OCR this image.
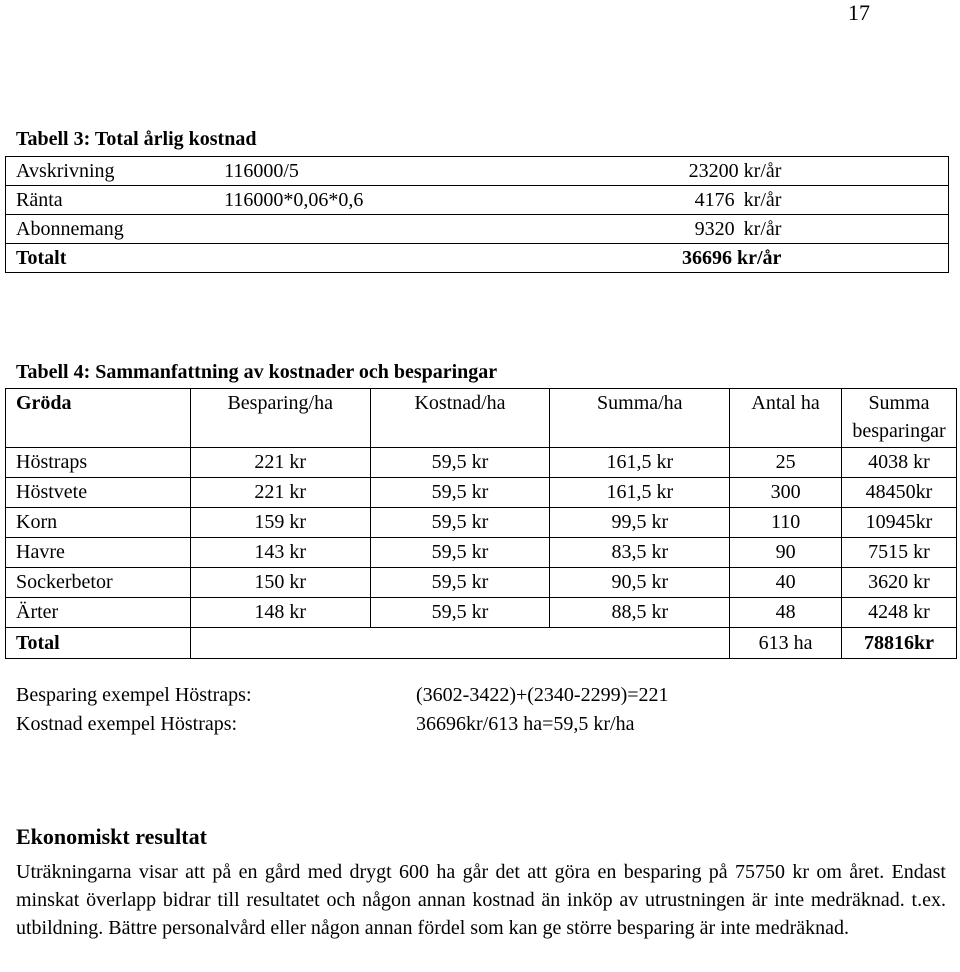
17
Tabell 3: Total årlig kostnad
Avskrivning	116000/5	23200 kr/år	
Ränta	116000*0,06*0,6	4176 kr/år	
Abonnemang		9320 kr/år	
Totalt		36696 kr/år	
Tabell 4: Sammanfattning av kostnader och besparingar
Gröda	Besparing/ha	Kostnad/ha	Summa/ha	Antal ha	Summa besparingar
Höstraps	221 kr	59,5 kr	161,5 kr	25	4038 kr
Höstvete	221 kr	59,5 kr	161,5 kr	300	48450kr
Korn	159 kr	59,5 kr	99,5 kr	110	10945kr
Havre	143 kr	59,5 kr	83,5 kr	90	7515 kr
Sockerbetor	150 kr	59,5 kr	90,5 kr	40	3620 kr
Ärter	148 kr	59,5 kr	88,5 kr	48	4248 kr
Total				613 ha	78816kr
Besparing exempel Höstraps:	(3602-3422)+(2340-2299)=221
Kostnad exempel Höstraps:	36696kr/613 ha=59,5 kr/ha
Ekonomiskt resultat
Uträkningarna visar att på en gård med drygt 600 ha går det att göra en besparing på 75750 kr om året. Endast minskat överlapp bidrar till resultatet och någon annan kostnad än inköp av utrustningen är inte medräknad. t.ex. utbildning. Bättre personalvård eller någon annan fördel som kan ge större besparing är inte medräknad.
